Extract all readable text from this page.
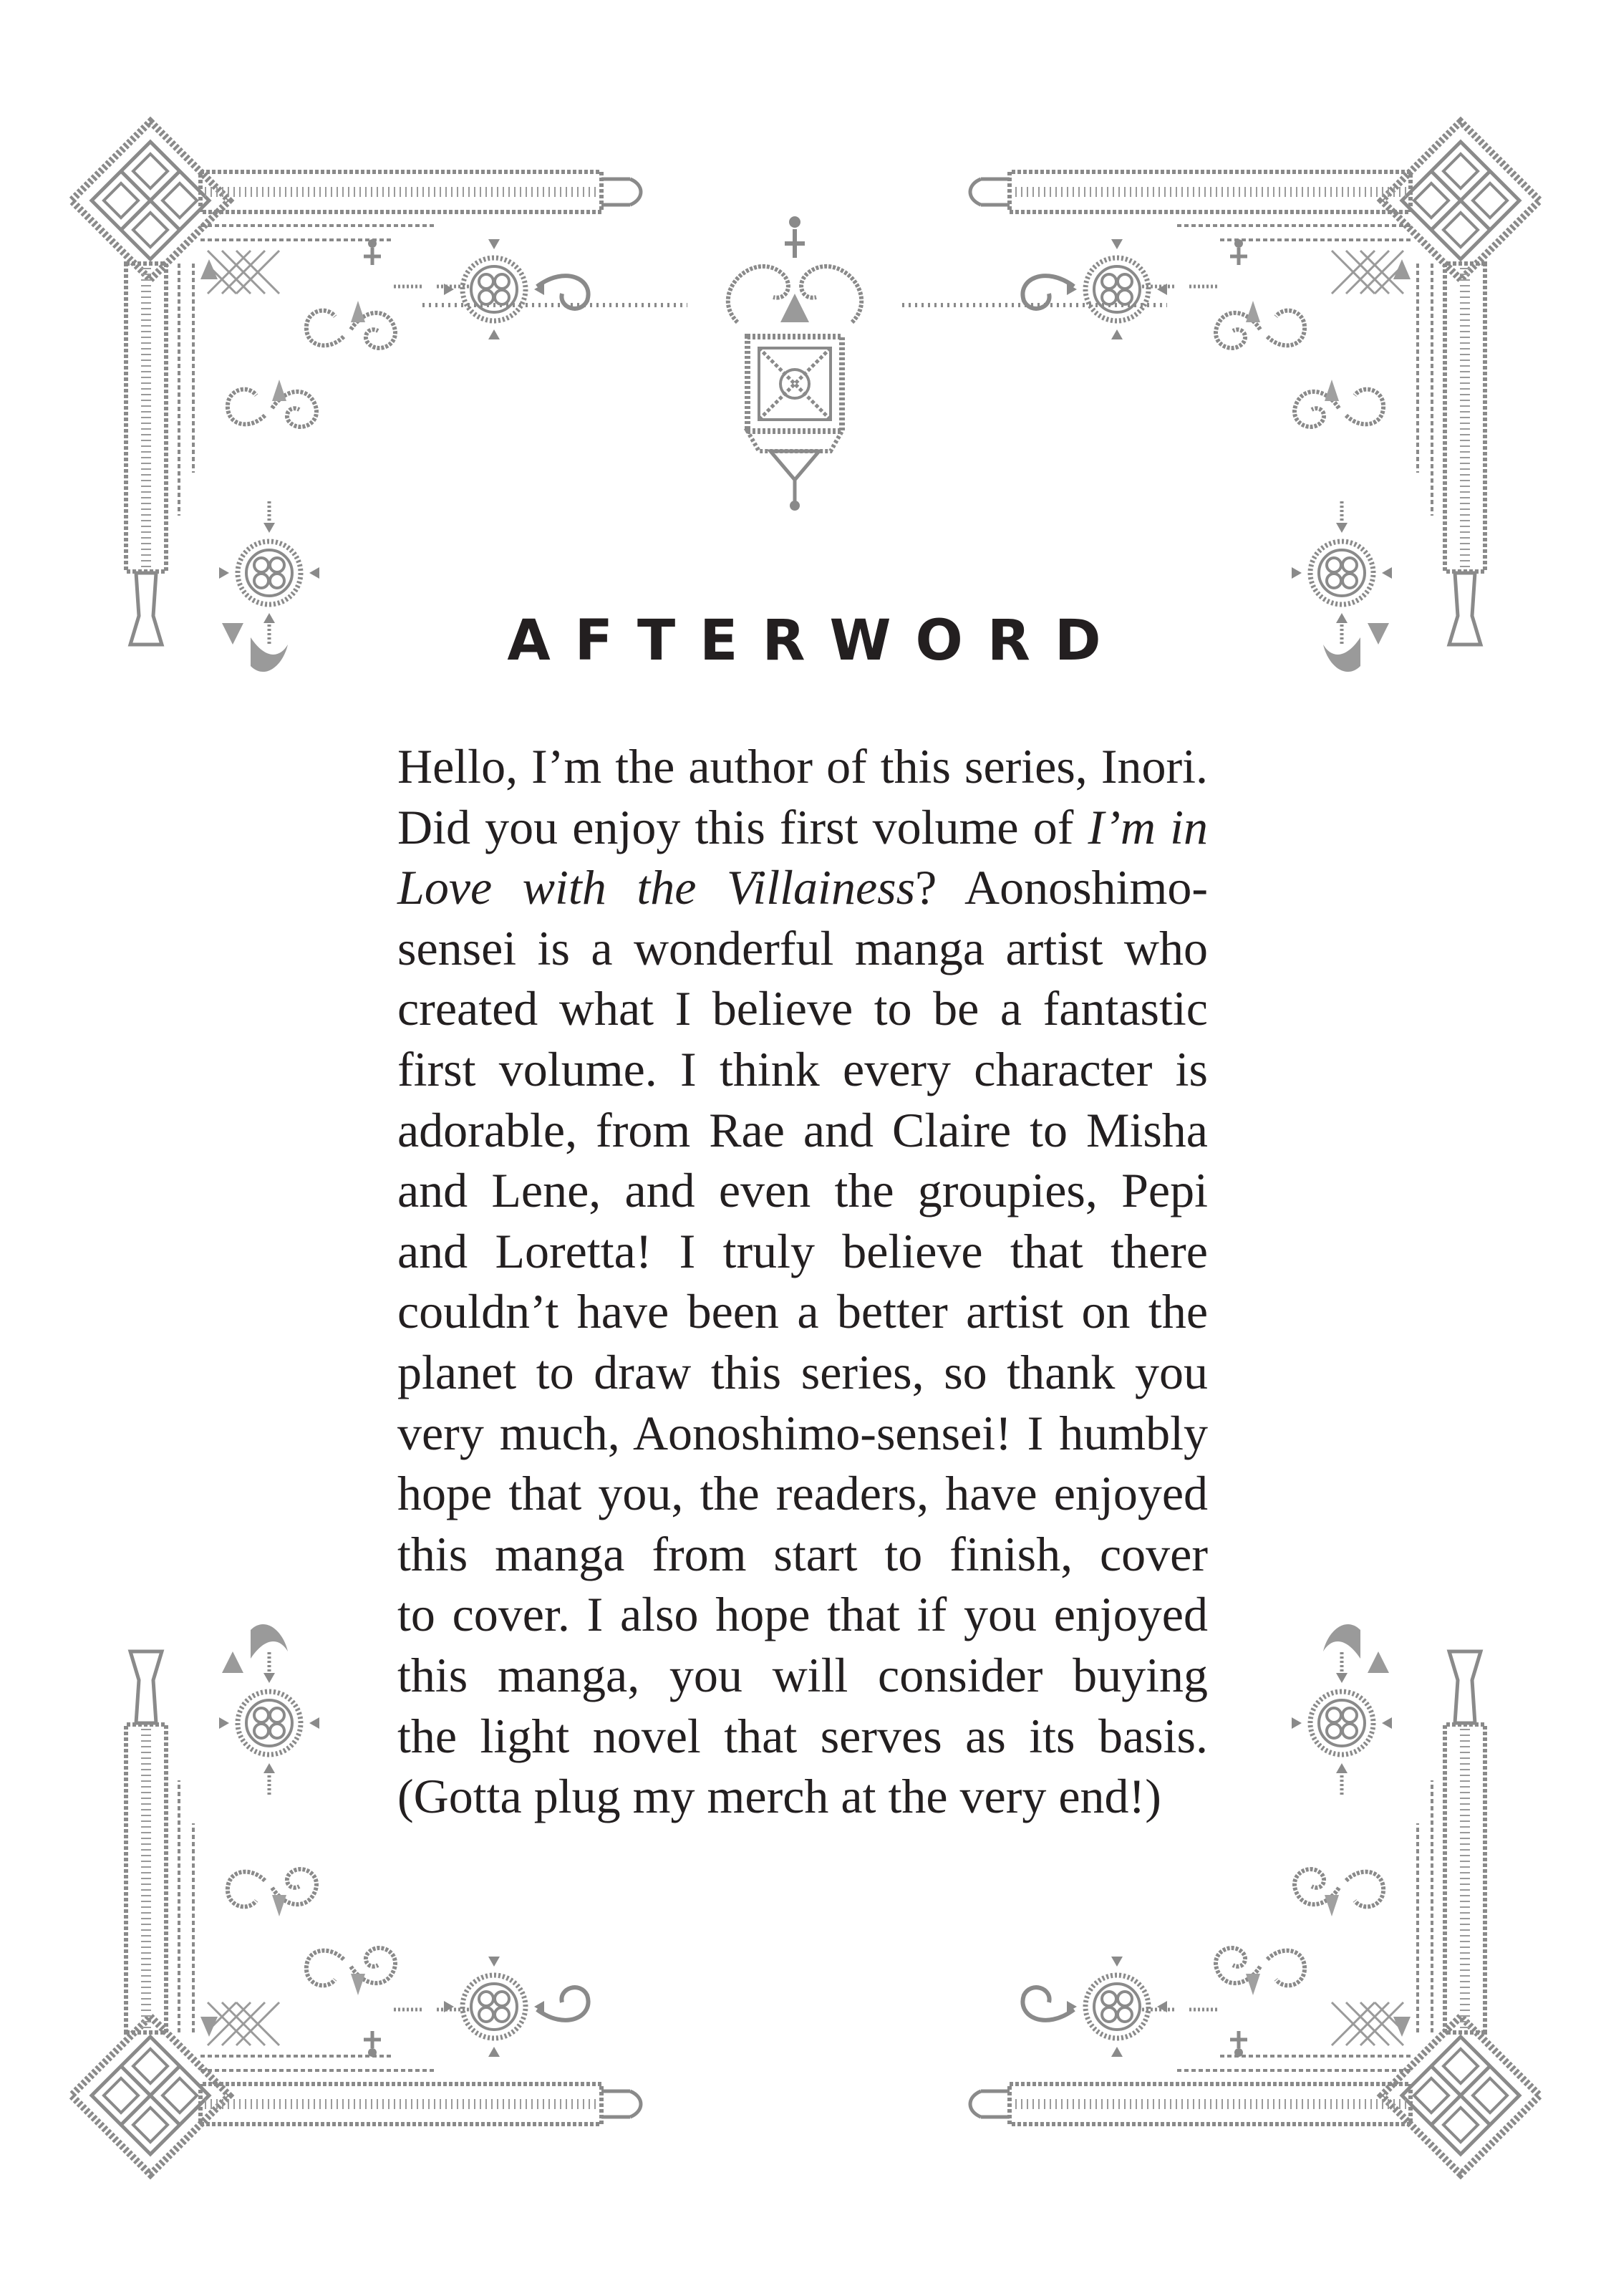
AFTERWORD
Hello, I’m the author of this series, Inori.
Did you enjoy this first volume of I’m in
Love with the Villainess? Aonoshimo-
sensei is a wonderful manga artist who
created what I believe to be a fantastic
first volume. I think every character is
adorable, from Rae and Claire to Misha
and Lene, and even the groupies, Pepi
and Loretta! I truly believe that there
couldn’t have been a better artist on the
planet to draw this series, so thank you
very much, Aonoshimo-sensei! I humbly
hope that you, the readers, have enjoyed
this manga from start to finish, cover
to cover. I also hope that if you enjoyed
this manga, you will consider buying
the light novel that serves as its basis.
(Gotta plug my merch at the very end!)
